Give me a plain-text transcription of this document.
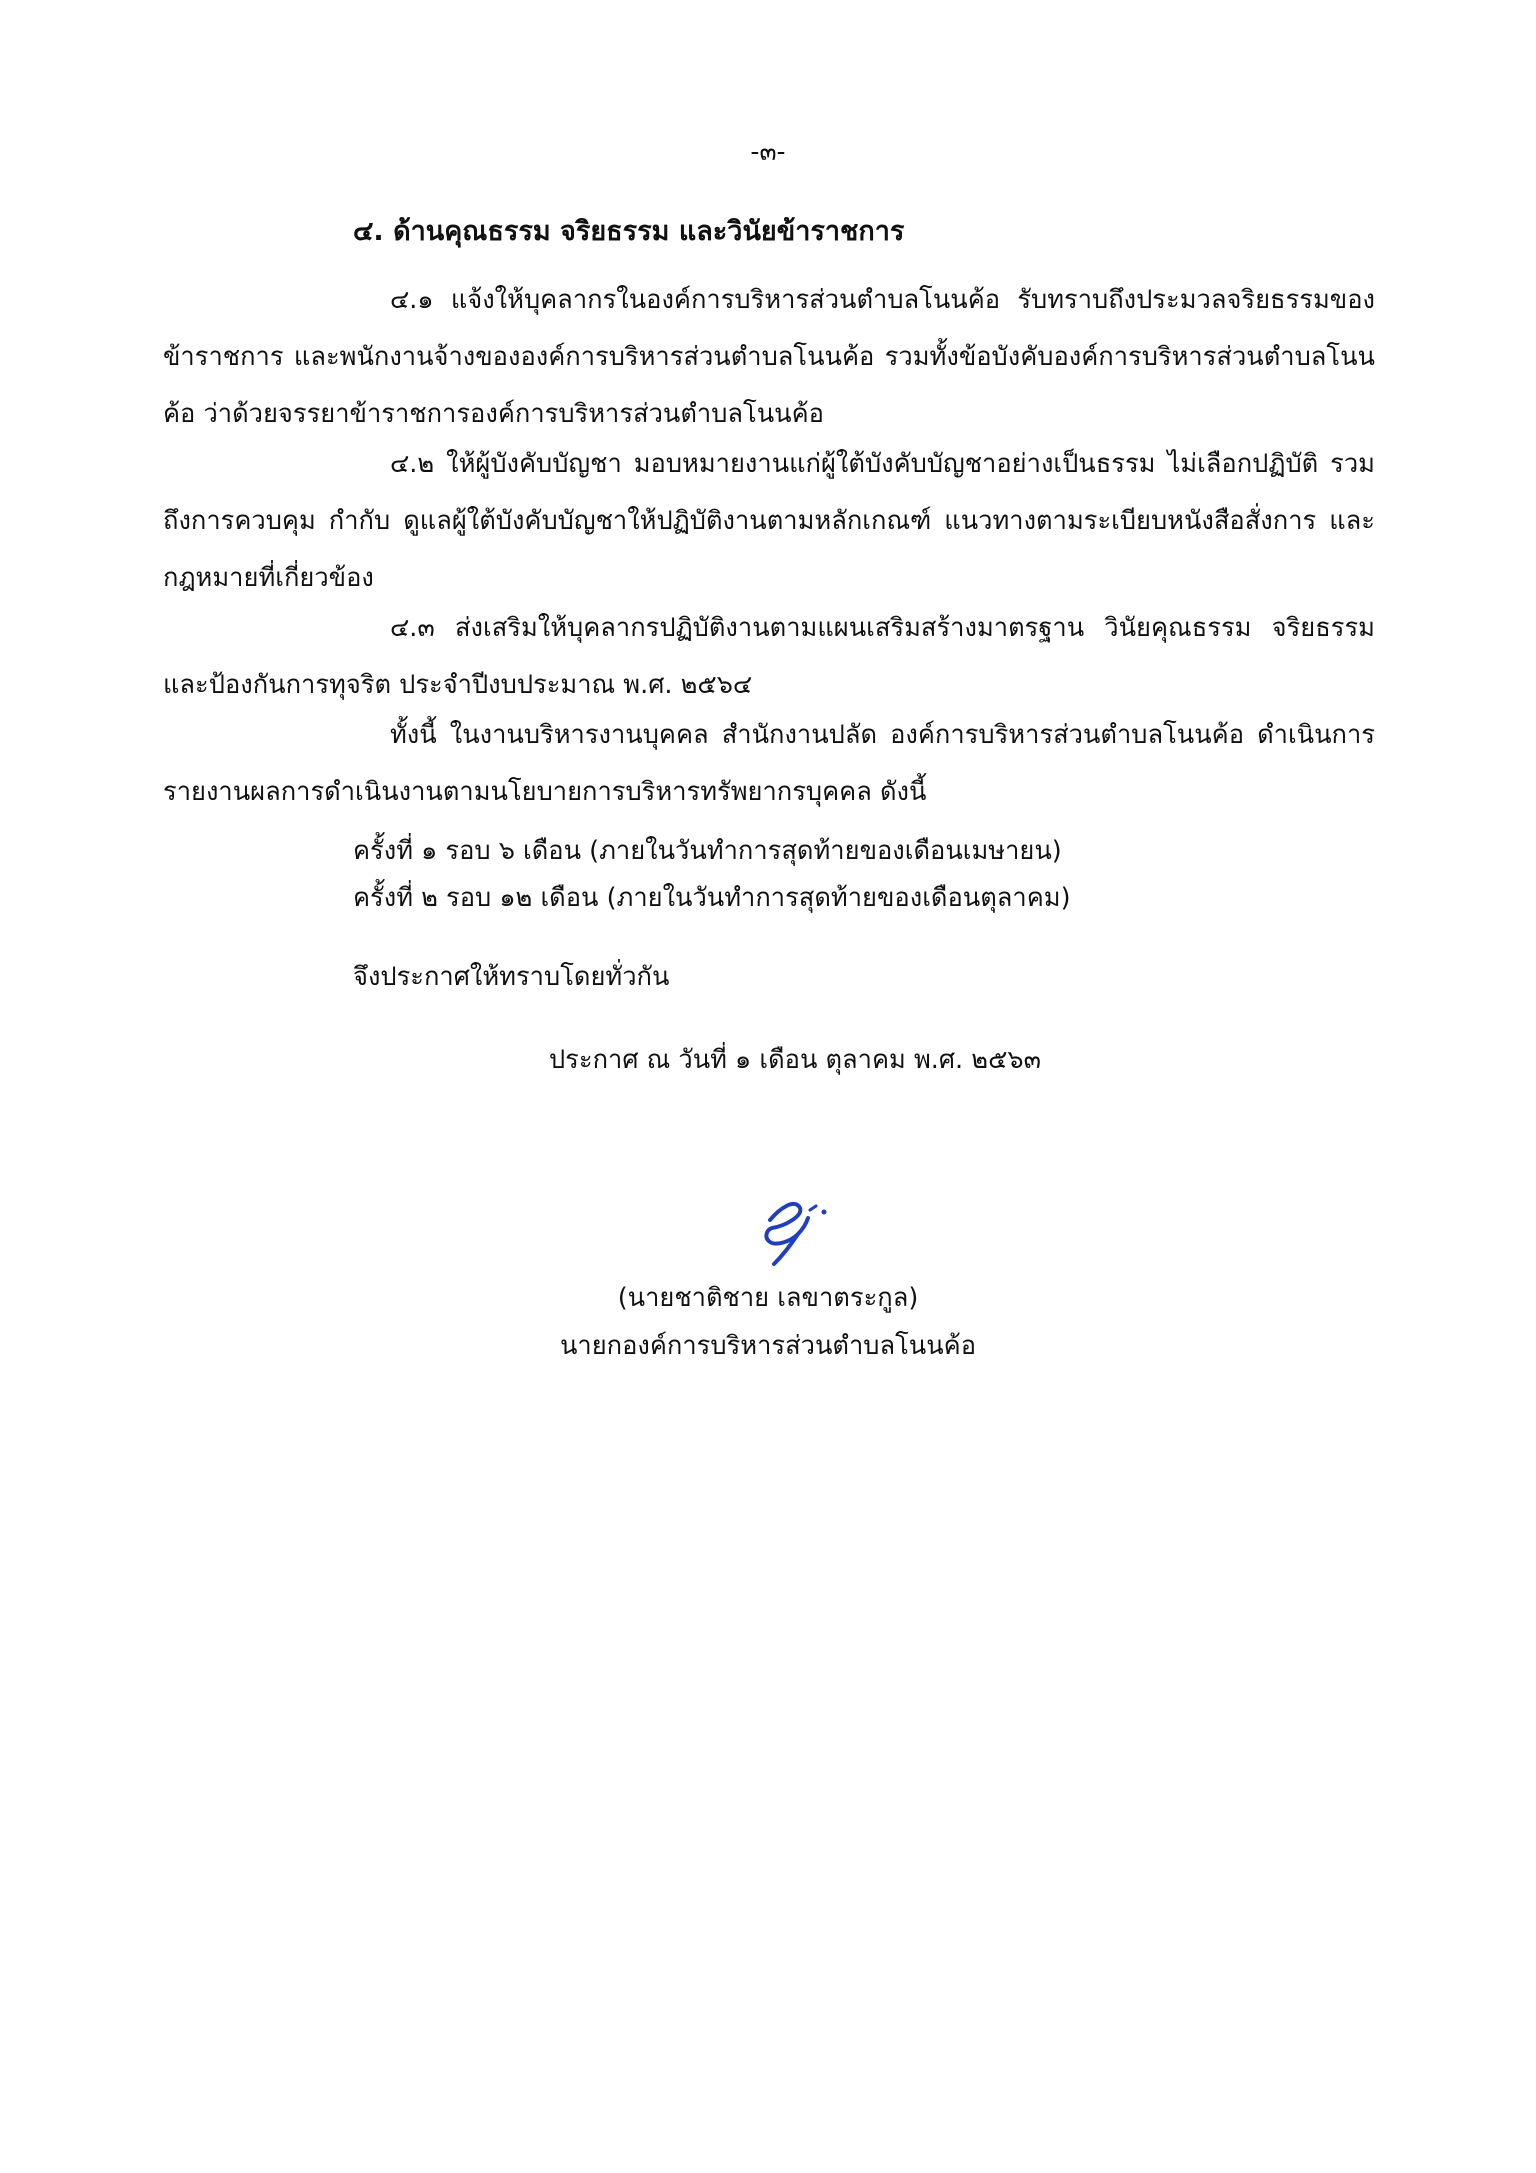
-๓-
๔. ด้านคุณธรรม จริยธรรม และวินัยข้าราชการ

๔.๑ แจ้งให้บุคลากรในองค์การบริหารส่วนตำบลโนนค้อ รับทราบถึงประมวลจริยธรรมของข้าราชการ และพนักงานจ้างขององค์การบริหารส่วนตำบลโนนค้อ รวมทั้งข้อบังคับองค์การบริหารส่วนตำบลโนนค้อ ว่าด้วยจรรยาข้าราชการองค์การบริหารส่วนตำบลโนนค้อ

๔.๒ ให้ผู้บังคับบัญชา มอบหมายงานแก่ผู้ใต้บังคับบัญชาอย่างเป็นธรรม ไม่เลือกปฏิบัติ รวมถึงการควบคุม กำกับ ดูแลผู้ใต้บังคับบัญชาให้ปฏิบัติงานตามหลักเกณฑ์ แนวทางตามระเบียบหนังสือสั่งการ และกฎหมายที่เกี่ยวข้อง

๔.๓ ส่งเสริมให้บุคลากรปฏิบัติงานตามแผนเสริมสร้างมาตรฐาน วินัยคุณธรรม จริยธรรม และป้องกันการทุจริต ประจำปีงบประมาณ พ.ศ. ๒๕๖๔

ทั้งนี้ ในงานบริหารงานบุคคล สำนักงานปลัด องค์การบริหารส่วนตำบลโนนค้อ ดำเนินการรายงานผลการดำเนินงานตามนโยบายการบริหารทรัพยากรบุคคล ดังนี้

ครั้งที่ ๑ รอบ ๖ เดือน (ภายในวันทำการสุดท้ายของเดือนเมษายน)
ครั้งที่ ๒ รอบ ๑๒ เดือน (ภายในวันทำการสุดท้ายของเดือนตุลาคม)
จึงประกาศให้ทราบโดยทั่วกัน
ประกาศ ณ วันที่ ๑ เดือน ตุลาคม พ.ศ. ๒๕๖๓
(นายชาติชาย เลขาตระกูล)
นายกองค์การบริหารส่วนตำบลโนนค้อ
